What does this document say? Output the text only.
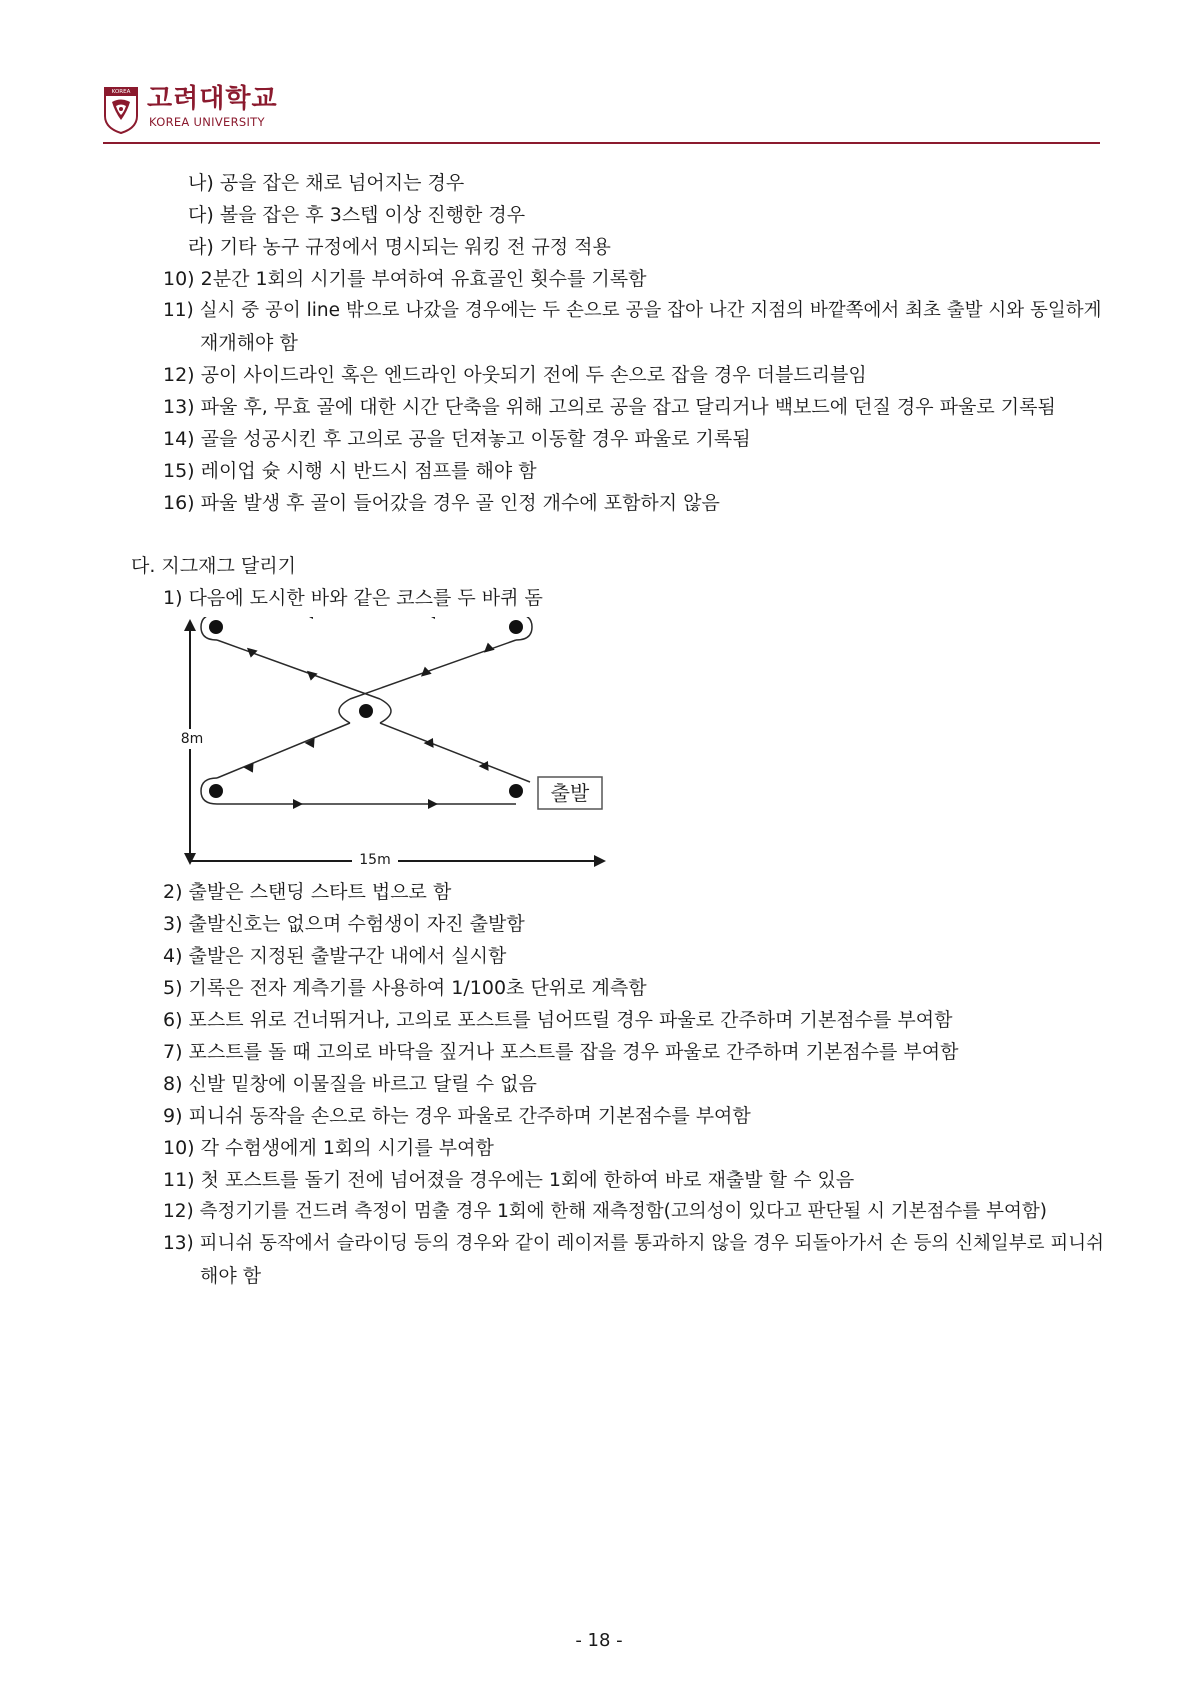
KOREA 고려대학교
KOREA UNIVERSITY
나) 공을 잡은 채로 넘어지는 경우
다) 볼을 잡은 후 3스텝 이상 진행한 경우
라) 기타 농구 규정에서 명시되는 워킹 전 규정 적용
10) 2분간 1회의 시기를 부여하여 유효골인 횟수를 기록함
11) 실시 중 공이 line 밖으로 나갔을 경우에는 두 손으로 공을 잡아 나간 지점의 바깥쪽에서 최초 출발 시와 동일하게
재개해야 함
12) 공이 사이드라인 혹은 엔드라인 아웃되기 전에 두 손으로 잡을 경우 더블드리블임
13) 파울 후, 무효 골에 대한 시간 단축을 위해 고의로 공을 잡고 달리거나 백보드에 던질 경우 파울로 기록됨
14) 골을 성공시킨 후 고의로 공을 던져놓고 이동할 경우 파울로 기록됨
15) 레이업 슛 시행 시 반드시 점프를 해야 함
16) 파울 발생 후 골이 들어갔을 경우 골 인정 개수에 포함하지 않음
다. 지그재그 달리기
1) 다음에 도시한 바와 같은 코스를 두 바퀴 돔
8m
15m
출발
2) 출발은 스탠딩 스타트 법으로 함
3) 출발신호는 없으며 수험생이 자진 출발함
4) 출발은 지정된 출발구간 내에서 실시함
5) 기록은 전자 계측기를 사용하여 1/100초 단위로 계측함
6) 포스트 위로 건너뛰거나, 고의로 포스트를 넘어뜨릴 경우 파울로 간주하며 기본점수를 부여함
7) 포스트를 돌 때 고의로 바닥을 짚거나 포스트를 잡을 경우 파울로 간주하며 기본점수를 부여함
8) 신발 밑창에 이물질을 바르고 달릴 수 없음
9) 피니쉬 동작을 손으로 하는 경우 파울로 간주하며 기본점수를 부여함
10) 각 수험생에게 1회의 시기를 부여함
11) 첫 포스트를 돌기 전에 넘어졌을 경우에는 1회에 한하여 바로 재출발 할 수 있음
12) 측정기기를 건드려 측정이 멈출 경우 1회에 한해 재측정함(고의성이 있다고 판단될 시 기본점수를 부여함)
13) 피니쉬 동작에서 슬라이딩 등의 경우와 같이 레이저를 통과하지 않을 경우 되돌아가서 손 등의 신체일부로 피니쉬
해야 함
- 18 -
